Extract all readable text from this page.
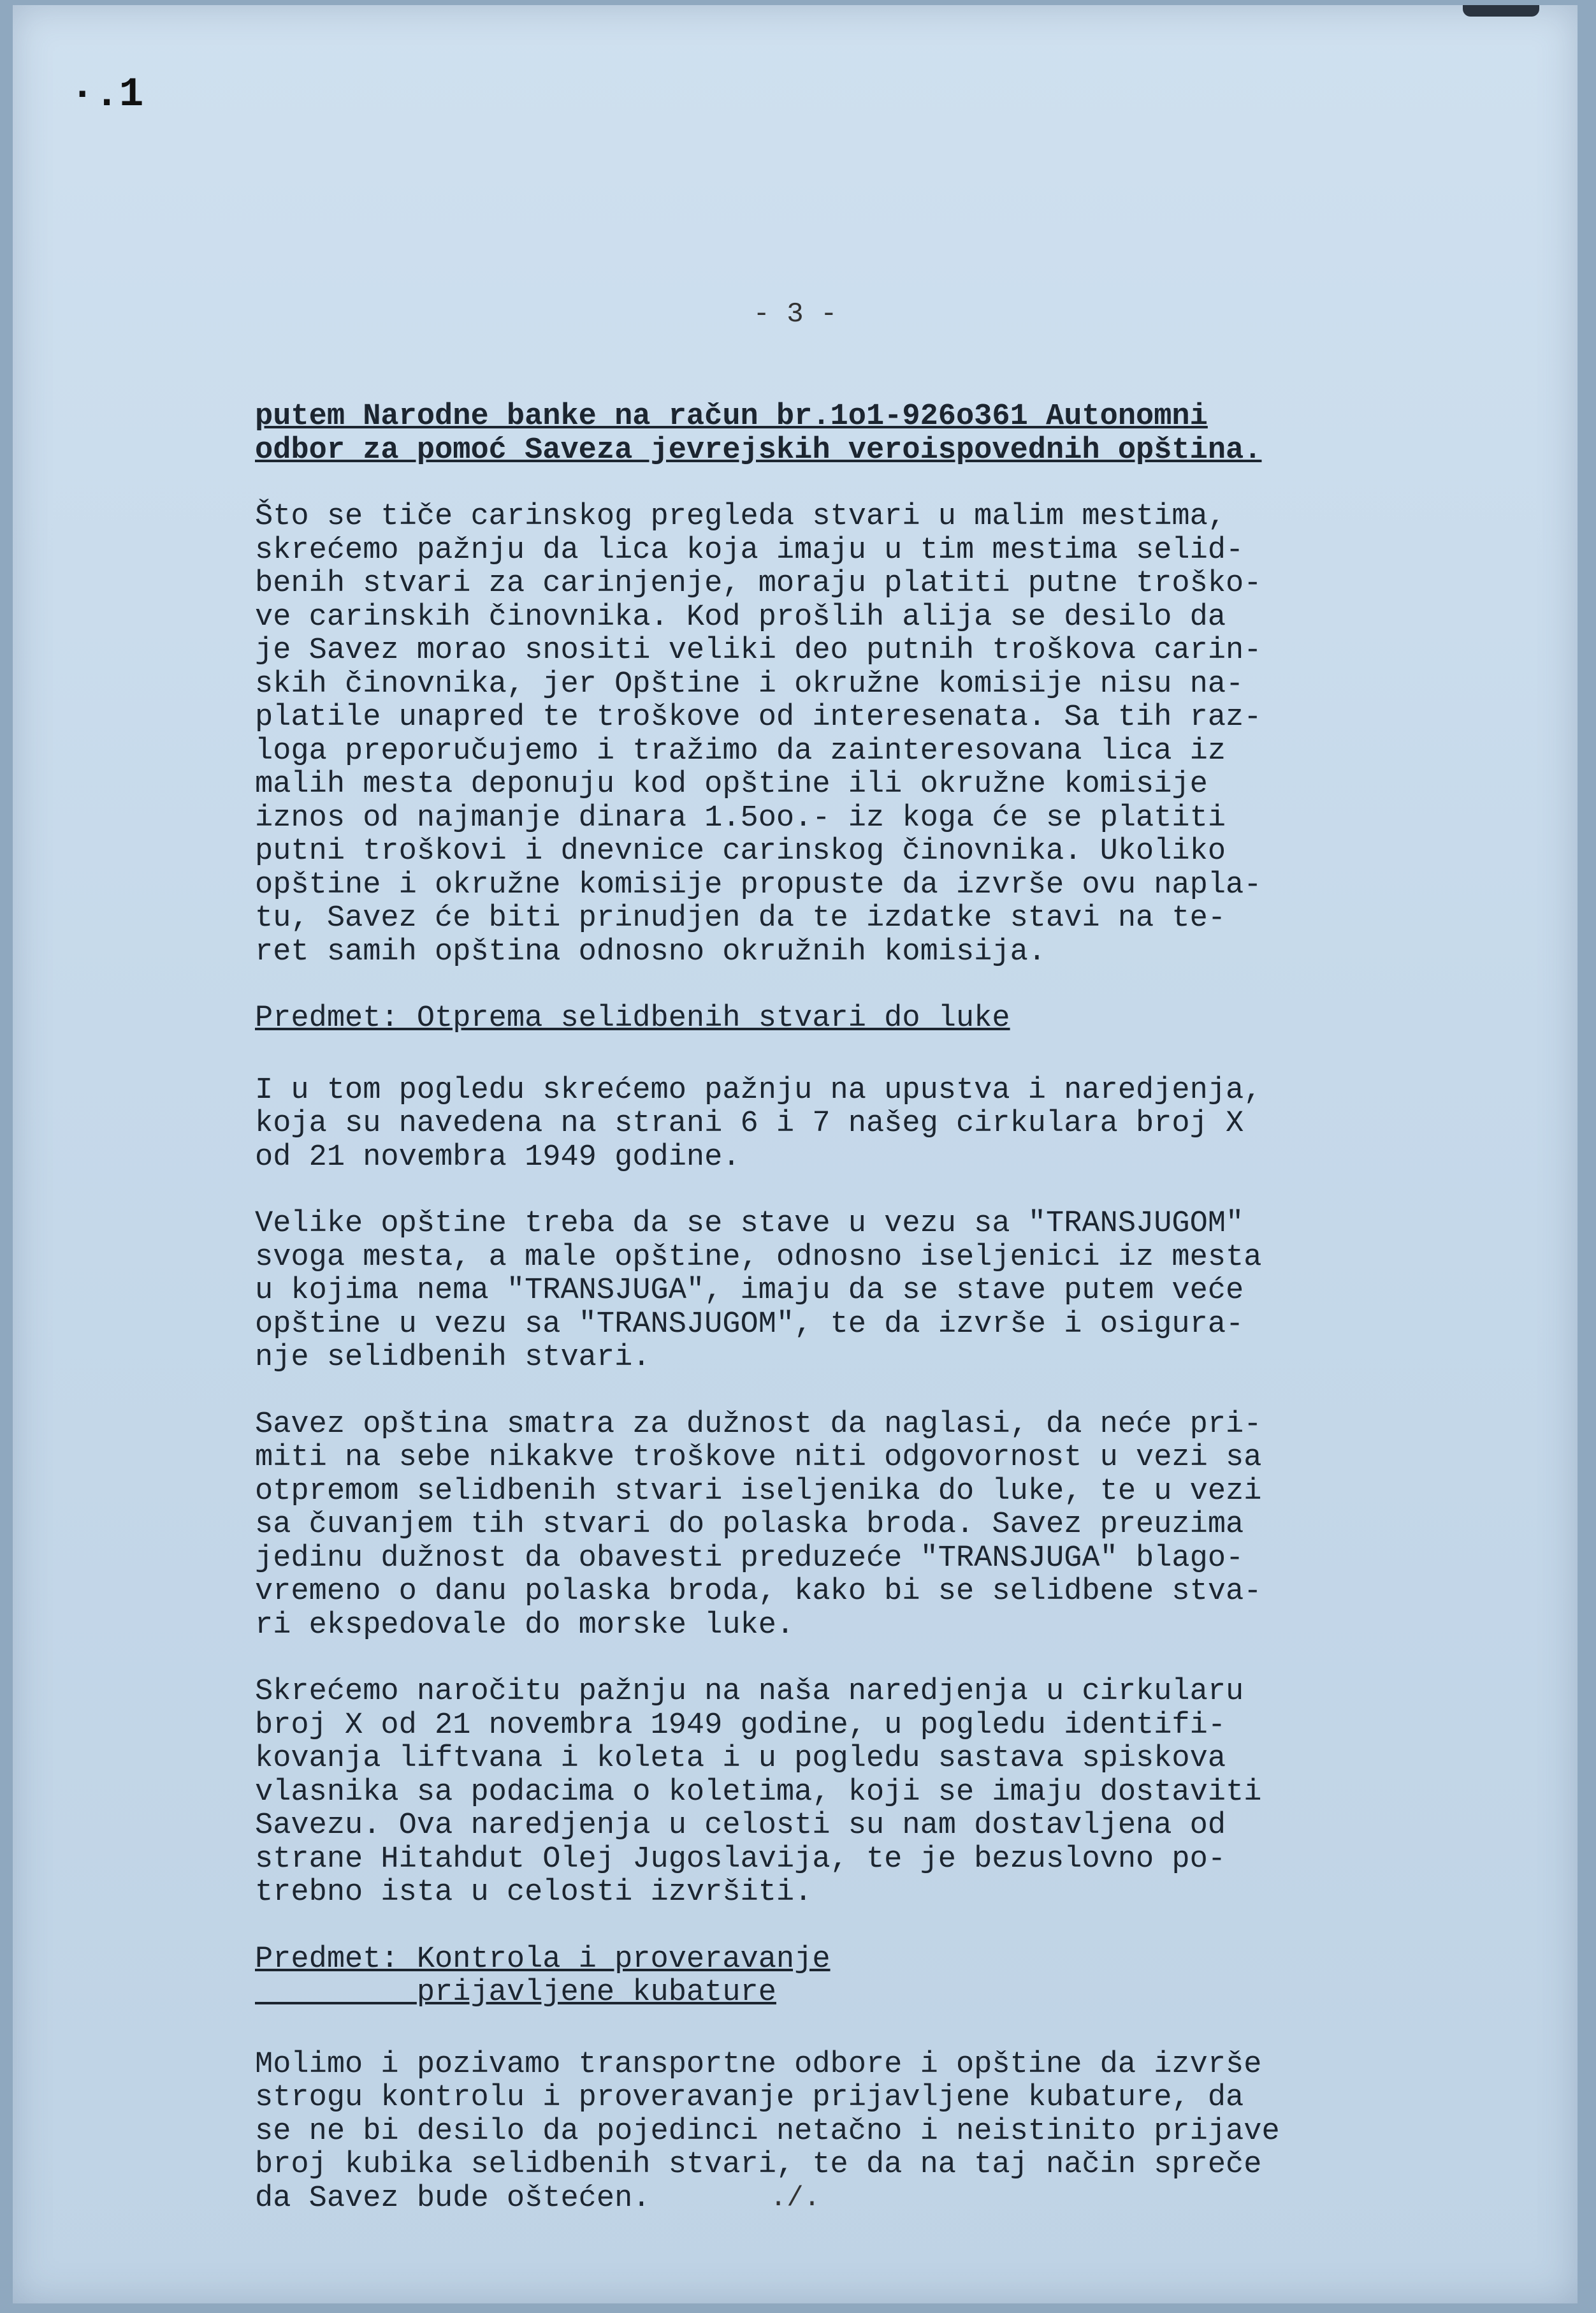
·.1
- 3 -

putem Narodne banke na račun br.1o1-926o361 Autonomni
odbor za pomoć Saveza jevrejskih veroispovednih opština.

Što se tiče carinskog pregleda stvari u malim mestima,
skrećemo pažnju da lica koja imaju u tim mestima selid-
benih stvari za carinjenje, moraju platiti putne troško-
ve carinskih činovnika. Kod prošlih alija se desilo da
je Savez morao snositi veliki deo putnih troškova carin-
skih činovnika, jer Opštine i okružne komisije nisu na-
platile unapred te troškove od interesenata. Sa tih raz-
loga preporučujemo i tražimo da zainteresovana lica iz
malih mesta deponuju kod opštine ili okružne komisije
iznos od najmanje dinara 1.5oo.- iz koga će se platiti
putni troškovi i dnevnice carinskog činovnika. Ukoliko
opštine i okružne komisije propuste da izvrše ovu napla-
tu, Savez će biti prinudjen da te izdatke stavi na te-
ret samih opština odnosno okružnih komisija.

Predmet: Otprema selidbenih stvari do luke

I u tom pogledu skrećemo pažnju na upustva i naredjenja,
koja su navedena na strani 6 i 7 našeg cirkulara broj X
od 21 novembra 1949 godine.

Velike opštine treba da se stave u vezu sa "TRANSJUGOM"
svoga mesta, a male opštine, odnosno iseljenici iz mesta
u kojima nema "TRANSJUGA", imaju da se stave putem veće
opštine u vezu sa "TRANSJUGOM", te da izvrše i osigura-
nje selidbenih stvari.

Savez opština smatra za dužnost da naglasi, da neće pri-
miti na sebe nikakve troškove niti odgovornost u vezi sa
otpremom selidbenih stvari iseljenika do luke, te u vezi
sa čuvanjem tih stvari do polaska broda. Savez preuzima
jedinu dužnost da obavesti preduzeće "TRANSJUGA" blago-
vremeno o danu polaska broda, kako bi se selidbene stva-
ri ekspedovale do morske luke.

Skrećemo naročitu pažnju na naša naredjenja u cirkularu
broj X od 21 novembra 1949 godine, u pogledu identifi-
kovanja liftvana i koleta i u pogledu sastava spiskova
vlasnika sa podacima o koletima, koji se imaju dostaviti
Savezu. Ova naredjenja u celosti su nam dostavljena od
strane Hitahdut Olej Jugoslavija, te je bezuslovno po-
trebno ista u celosti izvršiti.

Predmet: Kontrola i proveravanje
prijavljene kubature

Molimo i pozivamo transportne odbore i opštine da izvrše
strogu kontrolu i proveravanje prijavljene kubature, da
se ne bi desilo da pojedinci netačno i neistinito prijave
broj kubika selidbenih stvari, te da na taj način spreče
da Savez bude oštećen.	./.
